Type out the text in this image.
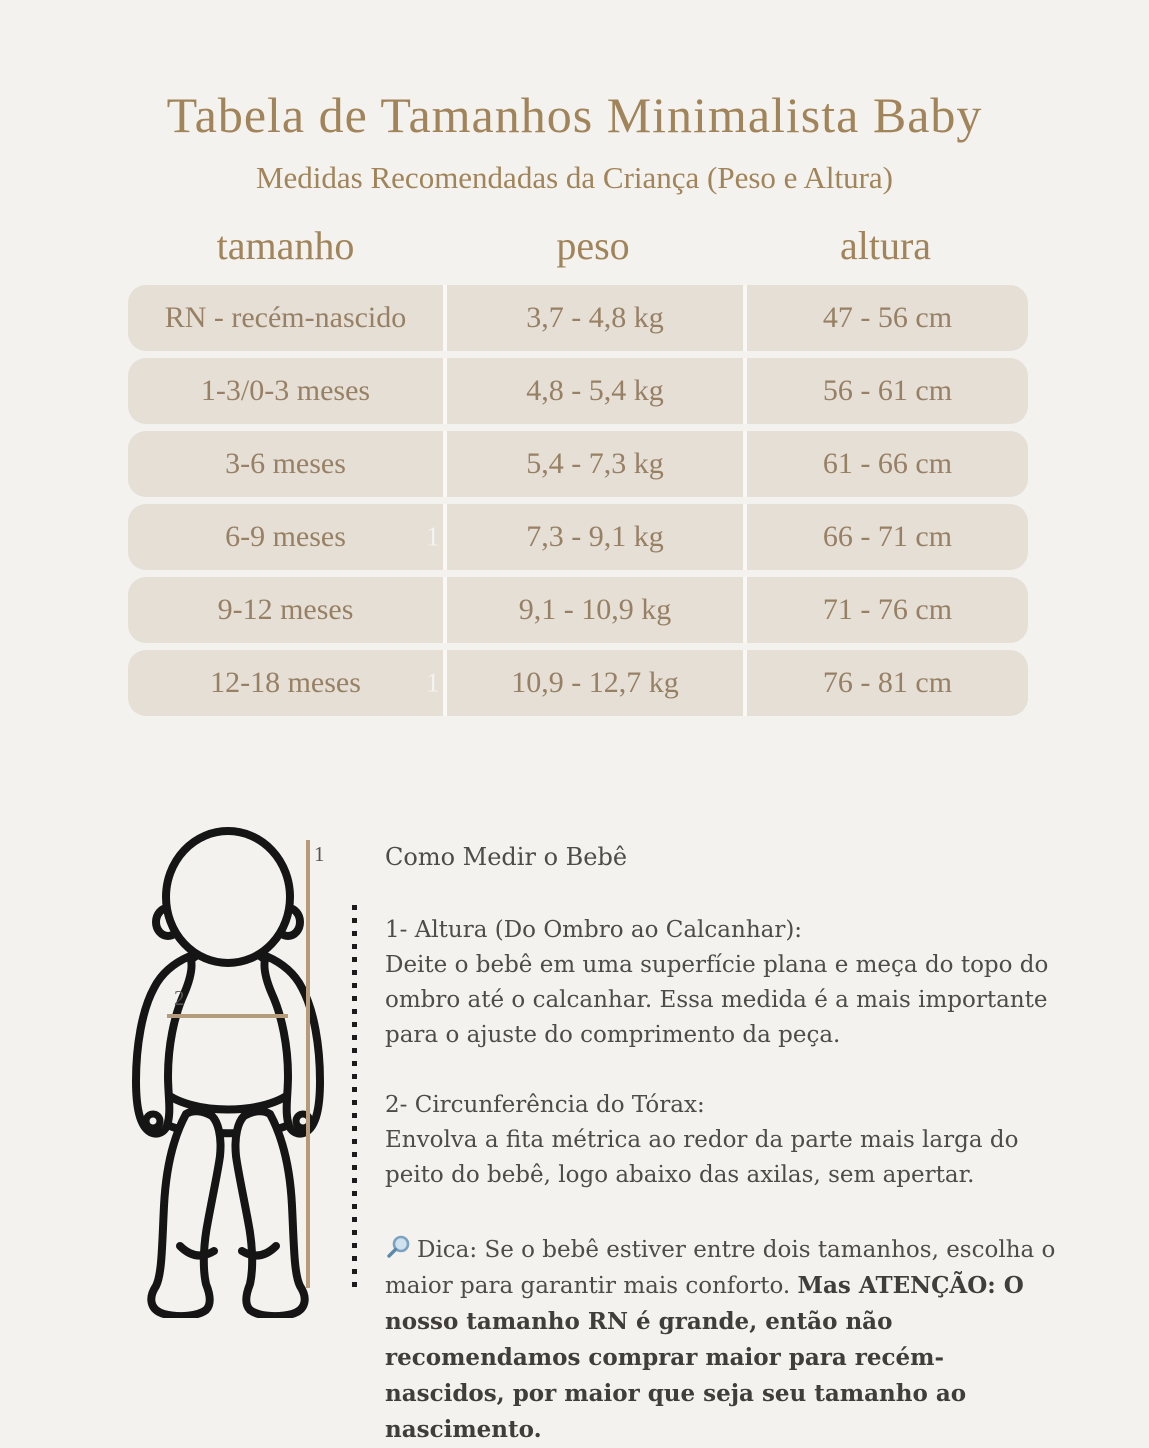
Tabela de Tamanhos Minimalista Baby
Medidas Recomendadas da Criança (Peso e Altura)
tamanho	peso	altura
RN - recém-nascido	3,7 - 4,8 kg	47 - 56 cm
1-3/0-3 meses	4,8 - 5,4 kg	56 - 61 cm
3-6 meses	5,4 - 7,3 kg	61 - 66 cm
1
6-9 meses	7,3 - 9,1 kg	66 - 71 cm
9-12 meses	9,1 - 10,9 kg	71 - 76 cm
1
12-18 meses	10,9 - 12,7 kg	76 - 81 cm
1
2
Como Medir o Bebê

1- Altura (Do Ombro ao Calcanhar):
Deite o bebê em uma superfície plana e meça do topo do ombro até o calcanhar. Essa medida é a mais importante para o ajuste do comprimento da peça.

2- Circunferência do Tórax:
Envolva a fita métrica ao redor da parte mais larga do peito do bebê, logo abaixo das axilas, sem apertar.

Dica: Se o bebê estiver entre dois tamanhos, escolha o maior para garantir mais conforto. Mas ATENÇÃO: O nosso tamanho RN é grande, então não recomendamos comprar maior para recém-nascidos, por maior que seja seu tamanho ao nascimento.
